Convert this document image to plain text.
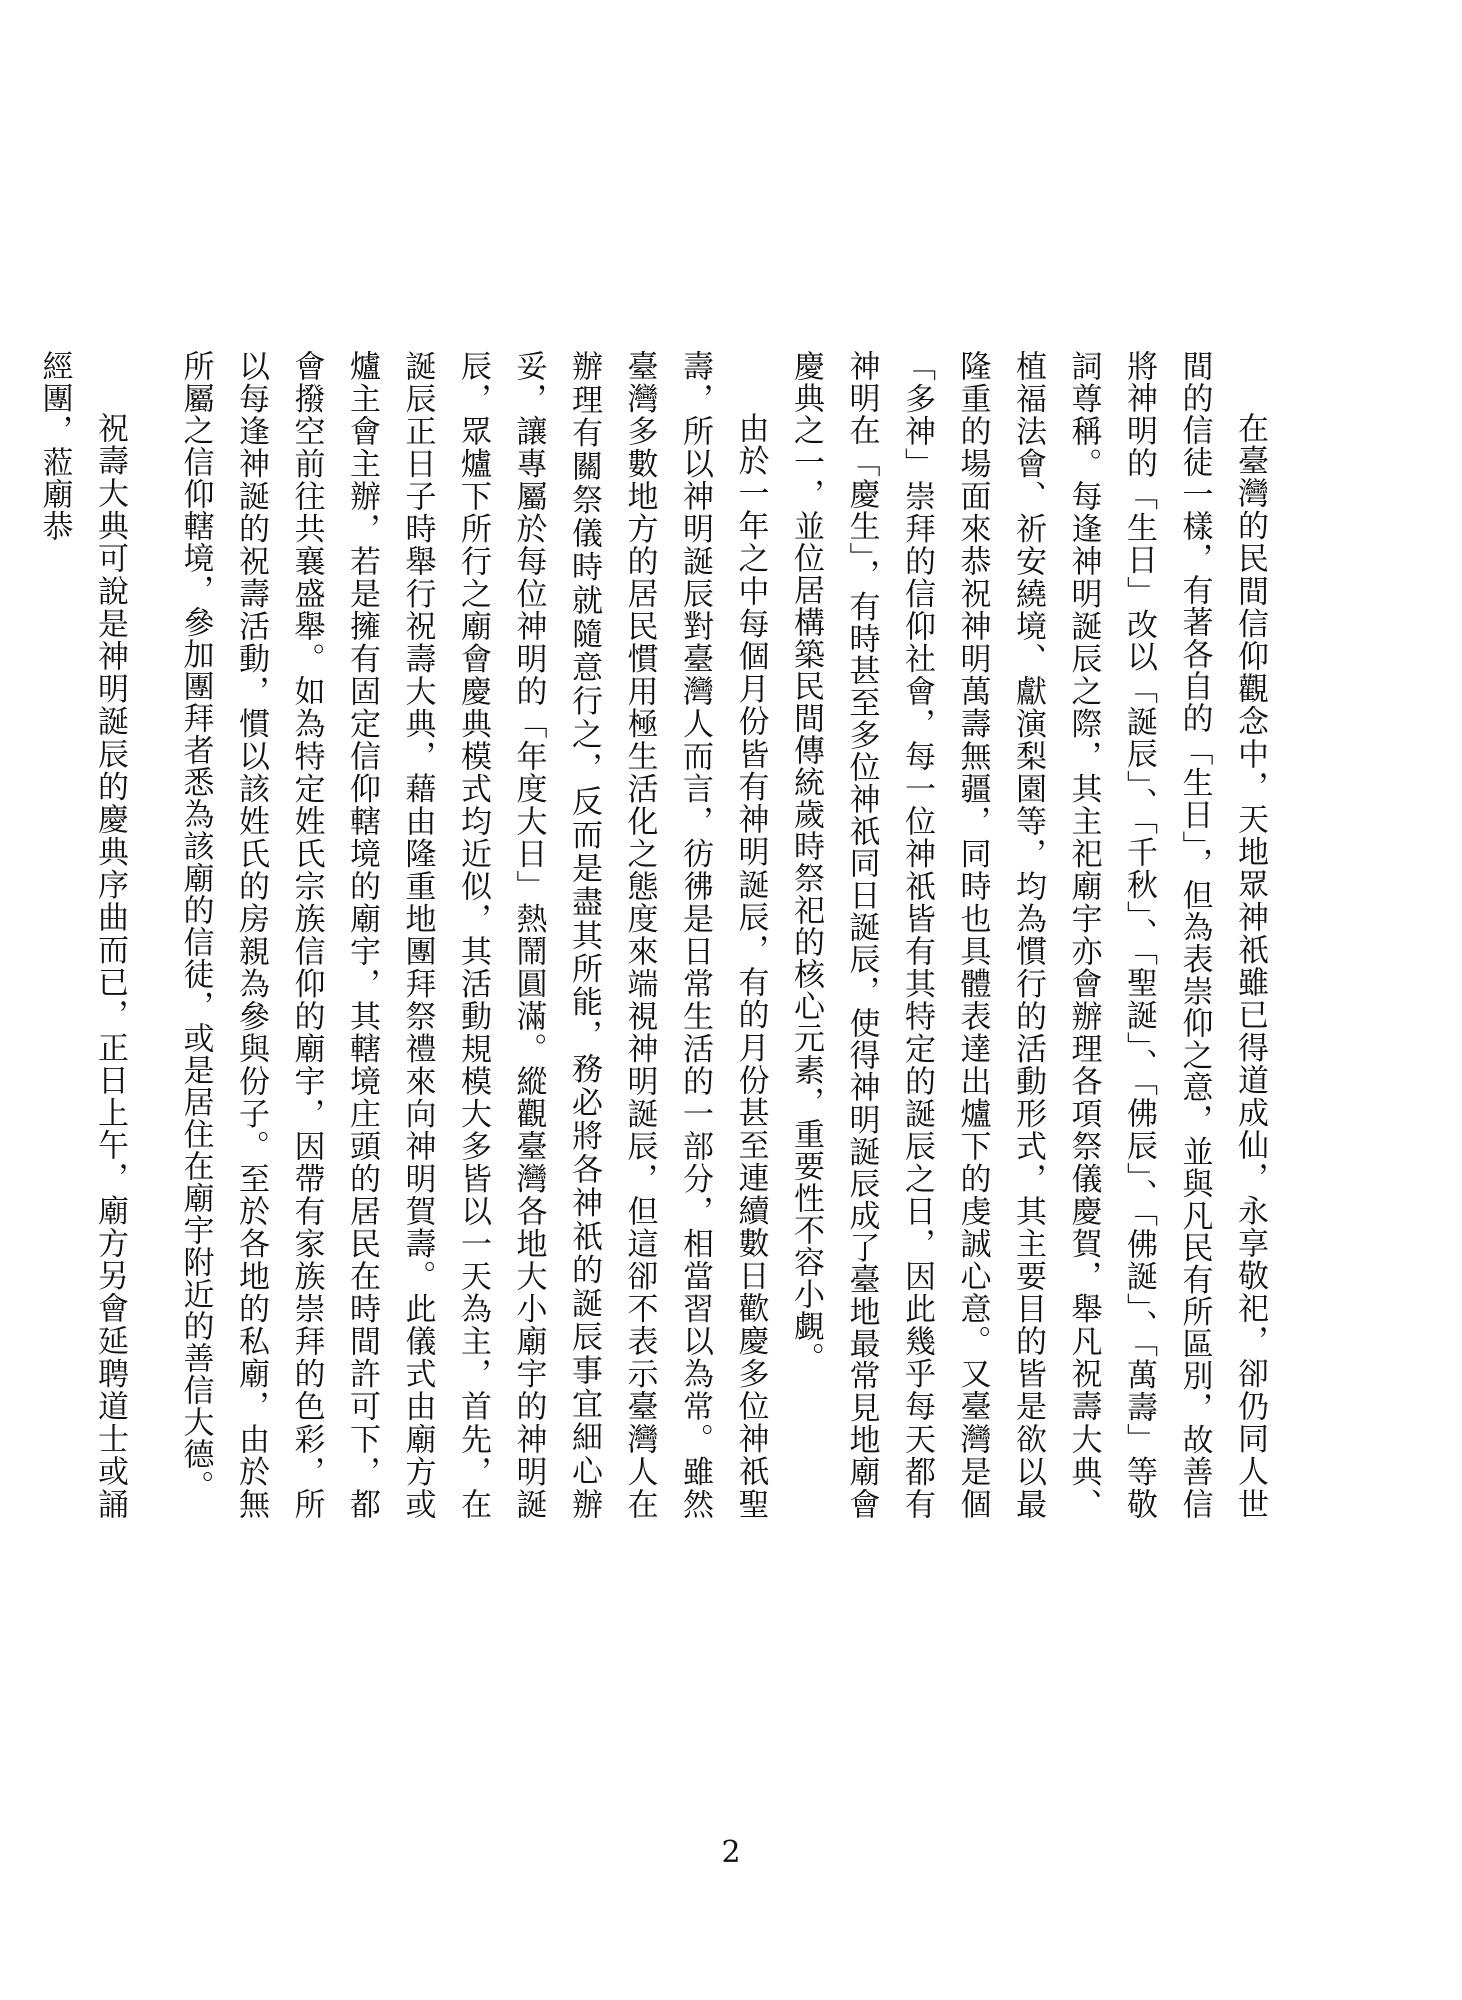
在臺灣的民間信仰觀念中，天地眾神祇雖已得道成仙，永享敬祀，卻仍同人世間的信徒一樣，有著各自的「生日」，但為表崇仰之意，並與凡民有所區別，故善信將神明的「生日」改以「誕辰」、「千秋」、「聖誕」、「佛辰」、「佛誕」、「萬壽」等敬詞尊稱。每逢神明誕辰之際，其主祀廟宇亦會辦理各項祭儀慶賀，舉凡祝壽大典、植福法會、祈安繞境、獻演梨園等，均為慣行的活動形式，其主要目的皆是欲以最隆重的場面來恭祝神明萬壽無疆，同時也具體表達出爐下的虔誠心意。又臺灣是個「多神」崇拜的信仰社會，每一位神祇皆有其特定的誕辰之日，因此幾乎每天都有神明在「慶生」，有時甚至多位神祇同日誕辰，使得神明誕辰成了臺地最常見地廟會慶典之一，並位居構築民間傳統歲時祭祀的核心元素，重要性不容小覷。

由於一年之中每個月份皆有神明誕辰，有的月份甚至連續數日歡慶多位神祇聖壽，所以神明誕辰對臺灣人而言，彷彿是日常生活的一部分，相當習以為常。雖然臺灣多數地方的居民慣用極生活化之態度來端視神明誕辰，但這卻不表示臺灣人在辦理有關祭儀時就隨意行之，反而是盡其所能，務必將各神祇的誕辰事宜細心辦妥，讓專屬於每位神明的「年度大日」熱鬧圓滿。縱觀臺灣各地大小廟宇的神明誕辰，眾爐下所行之廟會慶典模式均近似，其活動規模大多皆以一天為主，首先，在誕辰正日子時舉行祝壽大典，藉由隆重地團拜祭禮來向神明賀壽。此儀式由廟方或爐主會主辦，若是擁有固定信仰轄境的廟宇，其轄境庄頭的居民在時間許可下，都會撥空前往共襄盛舉。如為特定姓氏宗族信仰的廟宇，因帶有家族崇拜的色彩，所以每逢神誕的祝壽活動，慣以該姓氏的房親為參與份子。至於各地的私廟，由於無所屬之信仰轄境，參加團拜者悉為該廟的信徒，或是居住在廟宇附近的善信大德。

祝壽大典可說是神明誕辰的慶典序曲而已，正日上午，廟方另會延聘道士或誦經團，蒞廟恭

2
